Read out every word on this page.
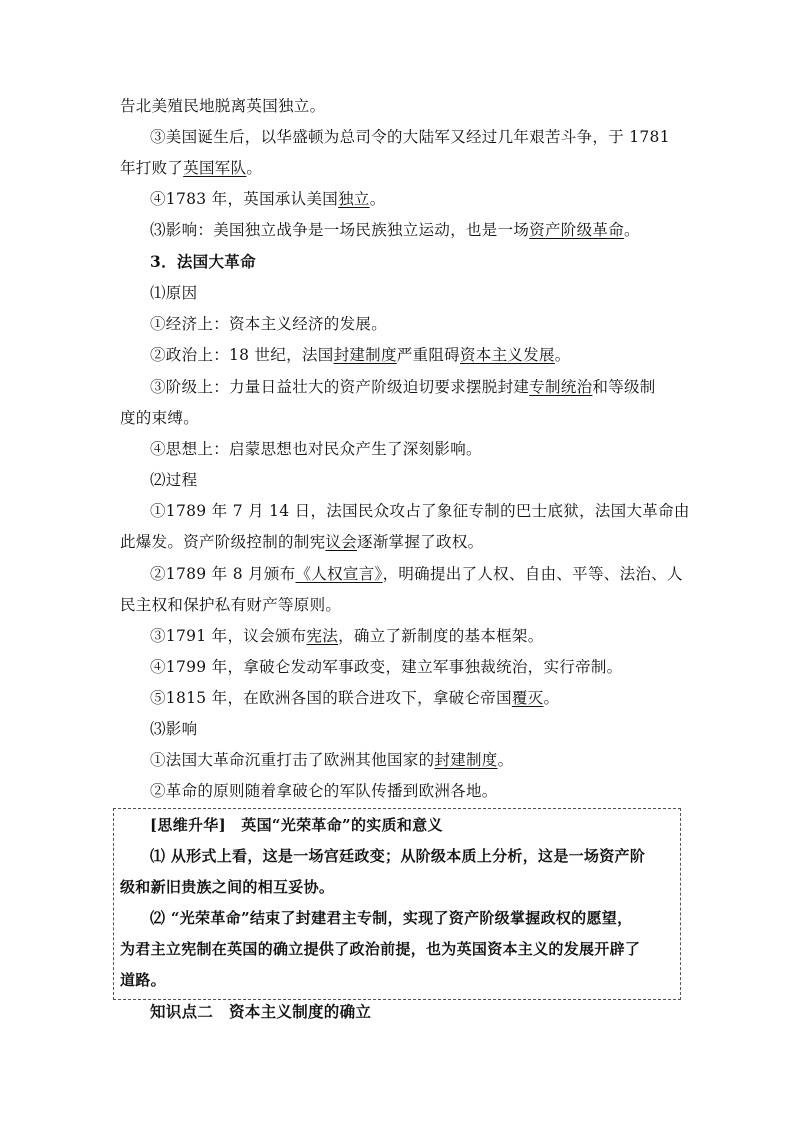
告北美殖民地脱离英国独立。
③美国诞生后，以华盛顿为总司令的大陆军又经过几年艰苦斗争，于 1781
年打败了英国军队。
④1783 年，英国承认美国独立。
⑶影响：美国独立战争是一场民族独立运动，也是一场资产阶级革命。
3．法国大革命
⑴原因
①经济上：资本主义经济的发展。
②政治上：18 世纪，法国封建制度严重阻碍资本主义发展。
③阶级上：力量日益壮大的资产阶级迫切要求摆脱封建专制统治和等级制
度的束缚。
④思想上：启蒙思想也对民众产生了深刻影响。
⑵过程
①1789 年 7 月 14 日，法国民众攻占了象征专制的巴士底狱，法国大革命由
此爆发。资产阶级控制的制宪议会逐渐掌握了政权。
②1789 年 8 月颁布《人权宣言》，明确提出了人权、自由、平等、法治、人
民主权和保护私有财产等原则。
③1791 年，议会颁布宪法，确立了新制度的基本框架。
④1799 年，拿破仑发动军事政变，建立军事独裁统治，实行帝制。
⑤1815 年，在欧洲各国的联合进攻下，拿破仑帝国覆灭。
⑶影响
①法国大革命沉重打击了欧洲其他国家的封建制度。
②革命的原则随着拿破仑的军队传播到欧洲各地。
[思维升华]　英国“光荣革命”的实质和意义
⑴ 从形式上看，这是一场宫廷政变；从阶级本质上分析，这是一场资产阶
级和新旧贵族之间的相互妥协。
⑵ “光荣革命”结束了封建君主专制，实现了资产阶级掌握政权的愿望，
为君主立宪制在英国的确立提供了政治前提，也为英国资本主义的发展开辟了
道路。
知识点二　资本主义制度的确立
